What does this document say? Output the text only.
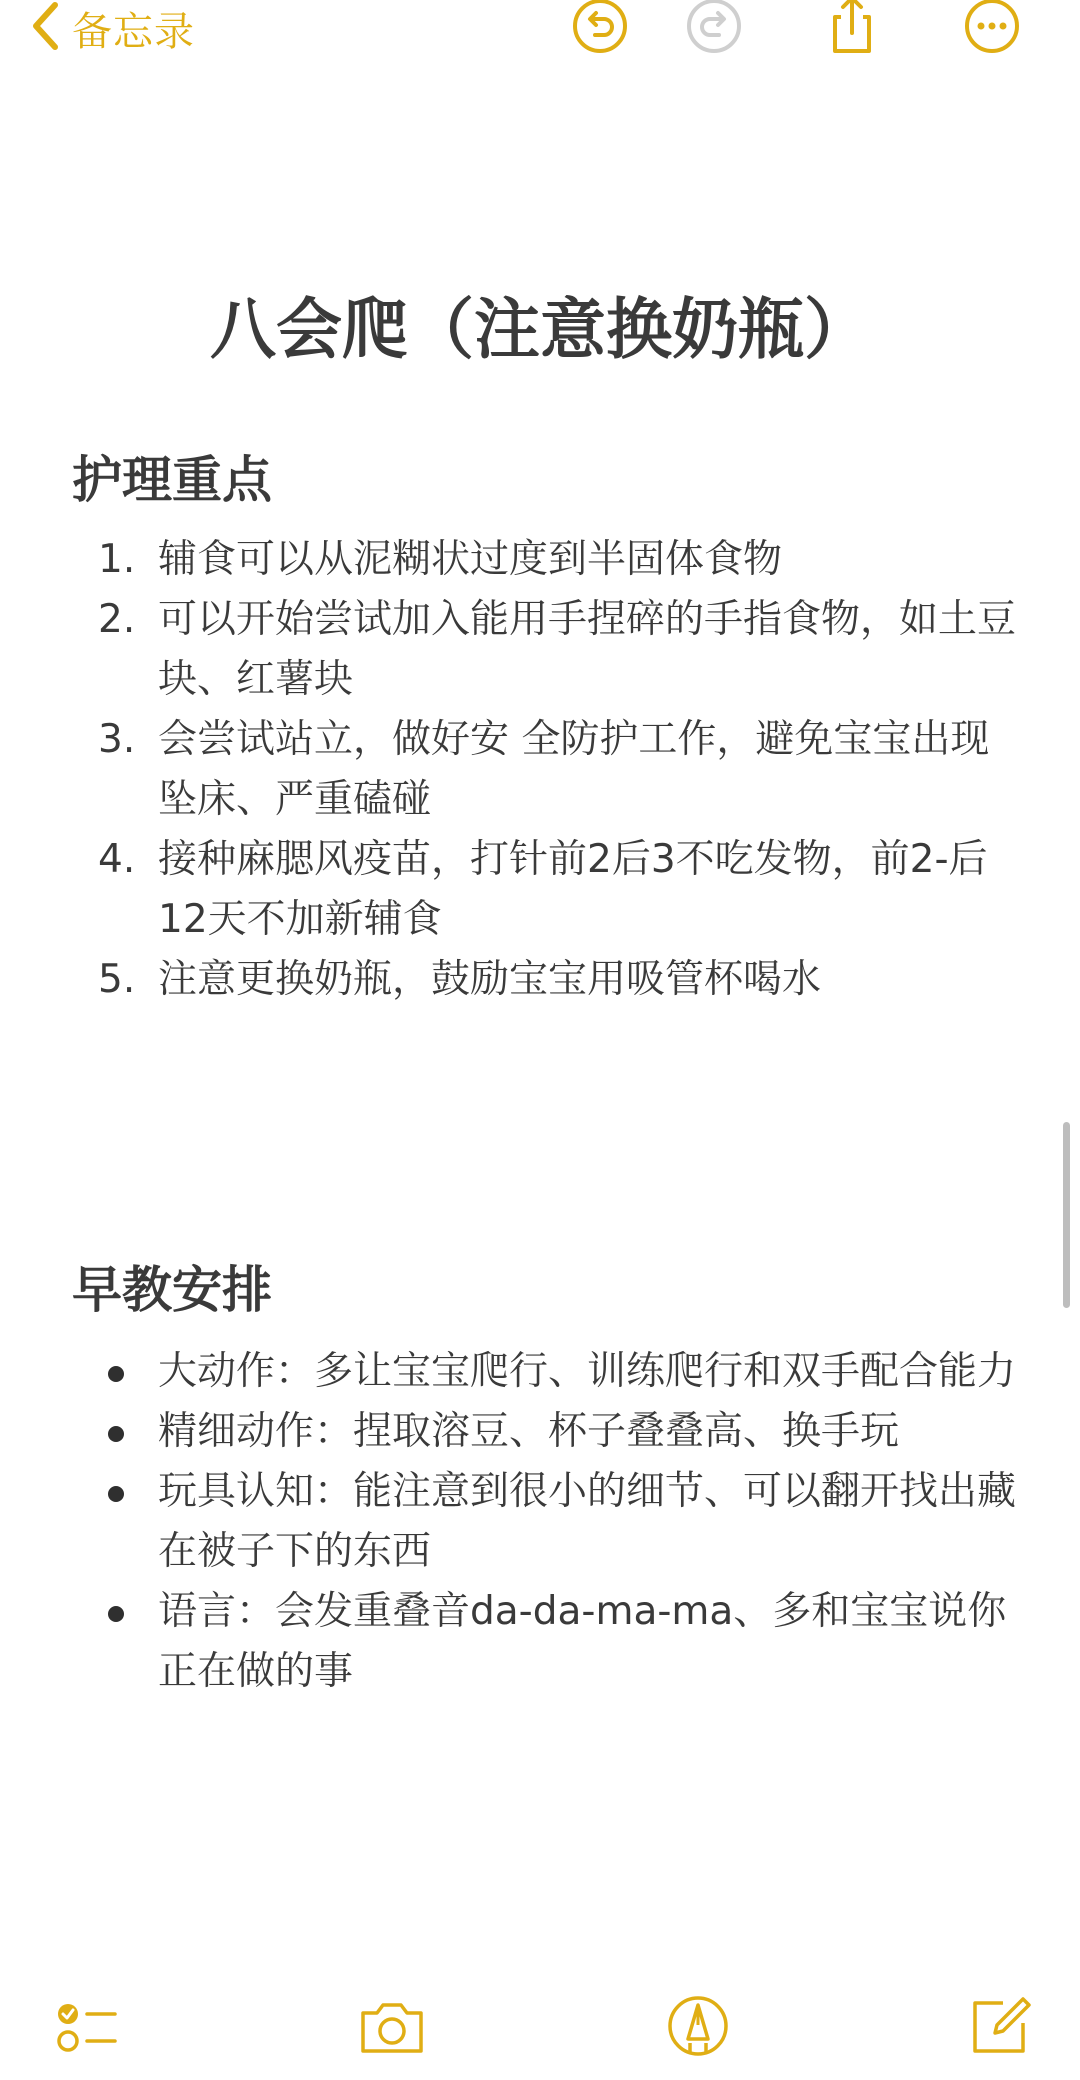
备忘录
八会爬（注意换奶瓶）
护理重点
1. 辅食可以从泥糊状过度到半固体食物
2. 可以开始尝试加入能用手捏碎的手指食物，如土豆块、红薯块
3. 会尝试站立，做好安 全防护工作，避免宝宝出现坠床、严重磕碰
4. 接种麻腮风疫苗，打针前2后3不吃发物，前2-后12天不加新辅食
5. 注意更换奶瓶，鼓励宝宝用吸管杯喝水
早教安排
大动作：多让宝宝爬行、训练爬行和双手配合能力
精细动作：捏取溶豆、杯子叠叠高、换手玩
玩具认知：能注意到很小的细节、可以翻开找出藏在被子下的东西
语言：会发重叠音da-da-ma-ma、多和宝宝说你正在做的事
